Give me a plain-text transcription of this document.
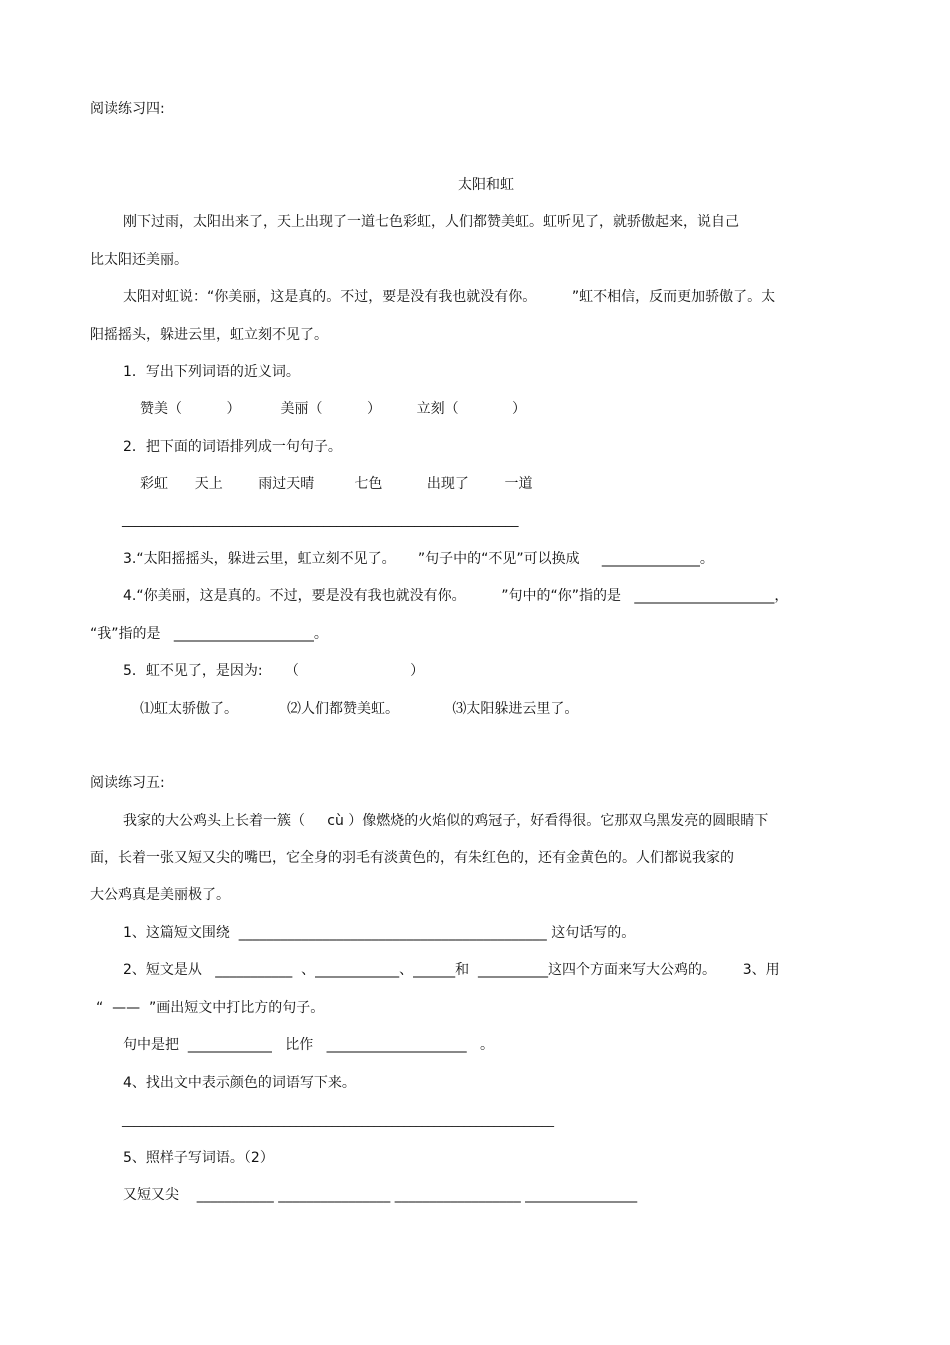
阅读练习四:
太阳和虹
刚下过雨，太阳出来了，天上出现了一道七色彩虹，人们都赞美虹。虹听见了，就骄傲起来，说自己
比太阳还美丽。
太阳对虹说：“你美丽，这是真的。不过，要是没有我也就没有你。        ”虹不相信，反而更加骄傲了。太
阳摇摇头，躲进云里，虹立刻不见了。
1．写出下列词语的近义词。
赞美（          ）         美丽（          ）        立刻（            ）
2．把下面的词语排列成一句句子。
彩虹      天上        雨过天晴         七色          出现了        一道
_____________________________________________________________
3.“太阳摇摇头，躲进云里，虹立刻不见了。     ”句子中的“不见”可以换成     ______________。
4.“你美丽，这是真的。不过，要是没有我也就没有你。        ”句中的“你”指的是   ____________________，
“我”指的是   ____________________。
5．虹不见了，是因为:     （                         ）
⑴虹太骄傲了。           ⑵人们都赞美虹。            ⑶太阳躲进云里了。
阅读练习五:
我家的大公鸡头上长着一簇（     cù ）像燃烧的火焰似的鸡冠子，好看得很。它那双乌黑发亮的圆眼睛下
面，长着一张又短又尖的嘴巴，它全身的羽毛有淡黄色的，有朱红色的，还有金黄色的。人们都说我家的
大公鸡真是美丽极了。
1、这篇短文围绕  ____________________________________________ 这句话写的。
2、短文是从   ___________  、____________、______和  __________这四个方面来写大公鸡的。      3、用
“  ——  ”画出短文中打比方的句子。
句中是把  ____________   比作   ____________________   。
4、找出文中表示颜色的词语写下来。
________________________________________________________________________
5、照样子写词语。（2）
又短又尖    ___________ ________________ __________________ ________________
